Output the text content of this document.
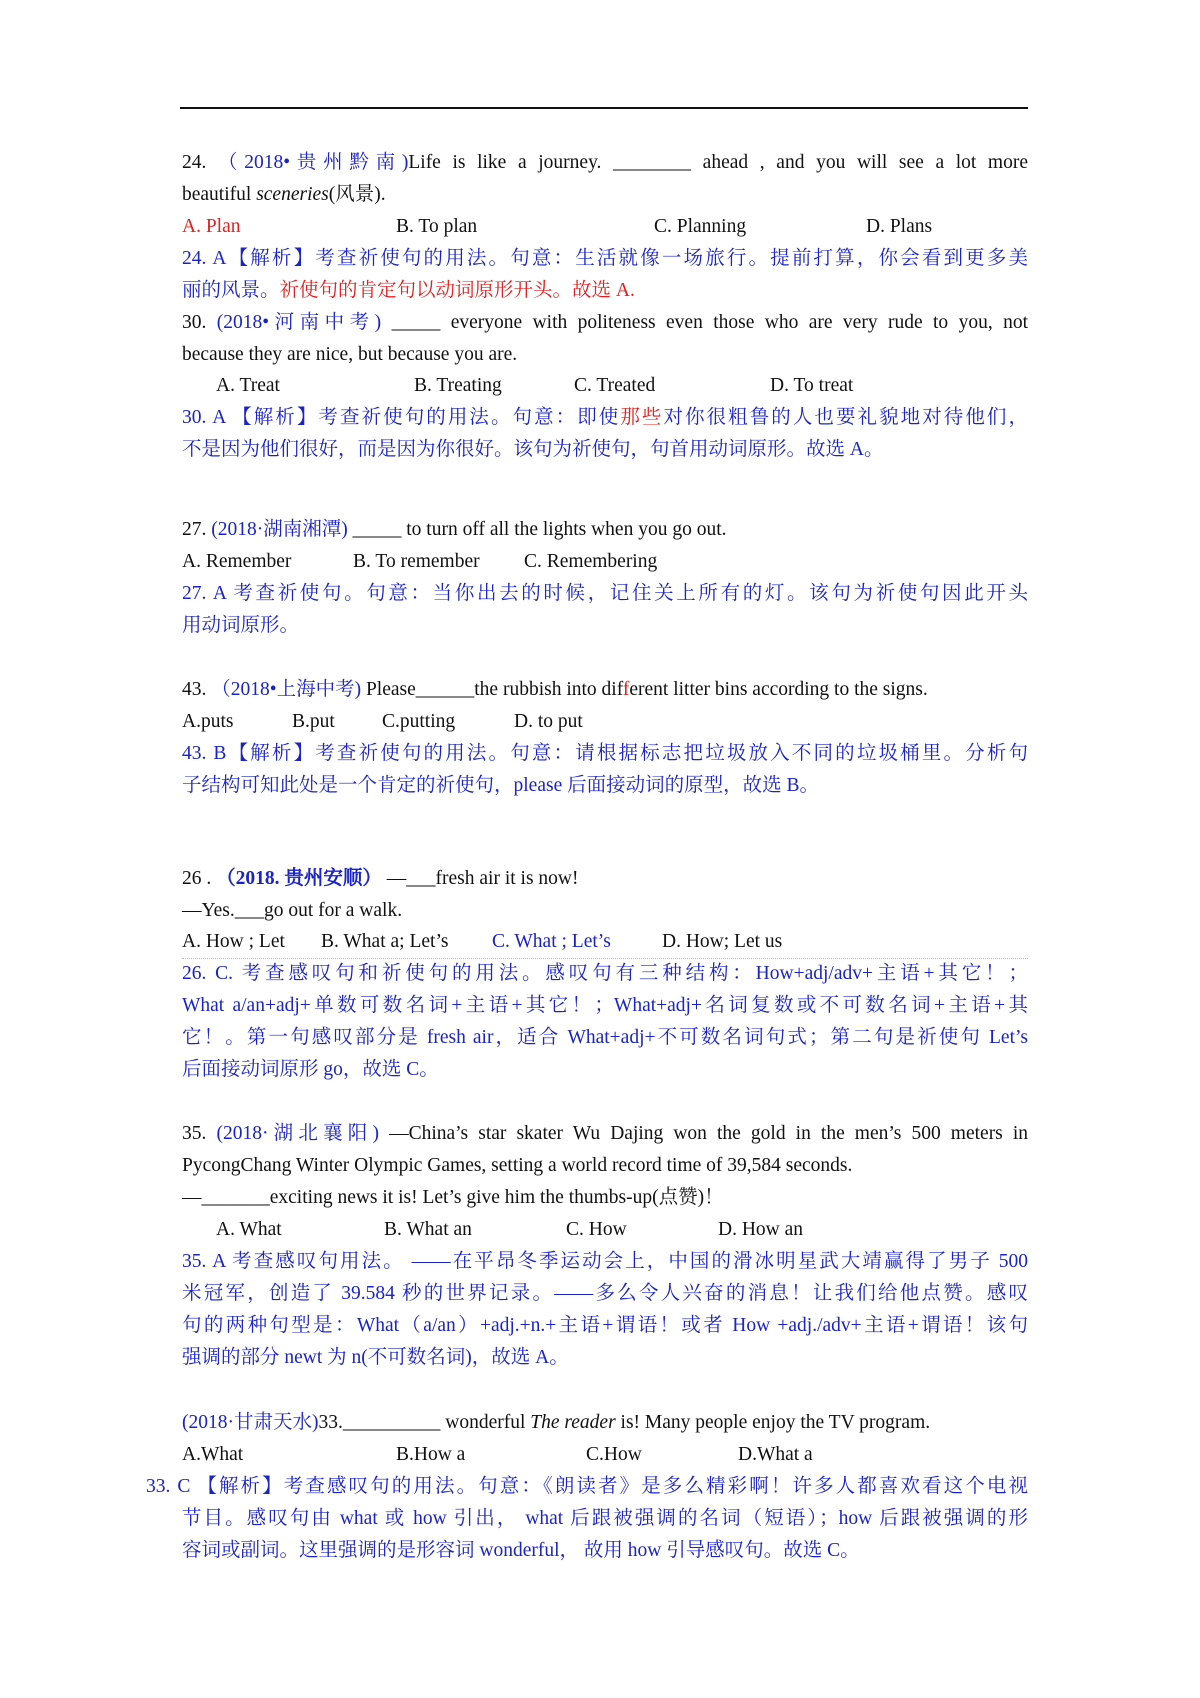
24. （2018•贵州黔南)Life is like a journey. ________ ahead , and you will see a lot more
beautiful sceneries(风景).
A. Plan	B. To plan	C. Planning	D. Plans
24. A【解析】考查祈使句的用法。句意：生活就像一场旅行。提前打算，你会看到更多美
丽的风景。祈使句的肯定句以动词原形开头。故选 A.
30. (2018•河南中考) _____ everyone with politeness even those who are very rude to you, not
because they are nice, but because you are.
A. Treat	B. Treating	C. Treated	D. To treat
30. A 【解析】考查祈使句的用法。句意：即使那些对你很粗鲁的人也要礼貌地对待他们，
不是因为他们很好，而是因为你很好。该句为祈使句，句首用动词原形。故选 A。
27. (2018·湖南湘潭) _____ to turn off all the lights when you go out.
A. Remember	B. To remember C. Remembering
27. A 考查祈使句。句意：当你出去的时候，记住关上所有的灯。该句为祈使句因此开头
用动词原形。
43. （2018•上海中考) Please______the rubbish into different litter bins according to the signs.
A.puts	B.put C.putting	D. to put
43. B【解析】考查祈使句的用法。句意：请根据标志把垃圾放入不同的垃圾桶里。分析句
子结构可知此处是一个肯定的祈使句，please 后面接动词的原型，故选 B。
26 . （2018. 贵州安顺） —___fresh air it is now!
—Yes.___go out for a walk.
A. How ; Let B. What a; Let’s C. What ; Let’s	D. How; Let us
26. C. 考查感叹句和祈使句的用法。感叹句有三种结构：How+adj/adv+主语+其它！；
What a/an+adj+单数可数名词+主语+其它！；What+adj+名词复数或不可数名词+主语+其
它！。第一句感叹部分是 fresh air，适合 What+adj+不可数名词句式；第二句是祈使句 Let’s
后面接动词原形 go，故选 C。
35. (2018·湖北襄阳) —China’s star skater Wu Dajing won the gold in the men’s 500 meters in
PycongChang Winter Olympic Games, setting a world record time of 39,584 seconds.
—_______exciting news it is! Let’s give him the thumbs-up(点赞)！
A. What	B. What an	C. How	D. How an
35. A 考查感叹句用法。 ——在平昂冬季运动会上，中国的滑冰明星武大靖赢得了男子 500
米冠军，创造了 39.584 秒的世界记录。——多么令人兴奋的消息！让我们给他点赞。感叹
句的两种句型是：What（a/an）+adj.+n.+主语+谓语！或者 How +adj./adv+主语+谓语！该句
强调的部分 newt 为 n(不可数名词)，故选 A。
(2018·甘肃天水)33.__________ wonderful The reader is! Many people enjoy the TV program.
A.What	B.How a	C.How	D.What a
33. C 【解析】考查感叹句的用法。句意：《朗读者》是多么精彩啊！许多人都喜欢看这个电视
节目。感叹句由 what 或 how 引出， what 后跟被强调的名词（短语）；how 后跟被强调的形
容词或副词。这里强调的是形容词 wonderful， 故用 how 引导感叹句。故选 C。
